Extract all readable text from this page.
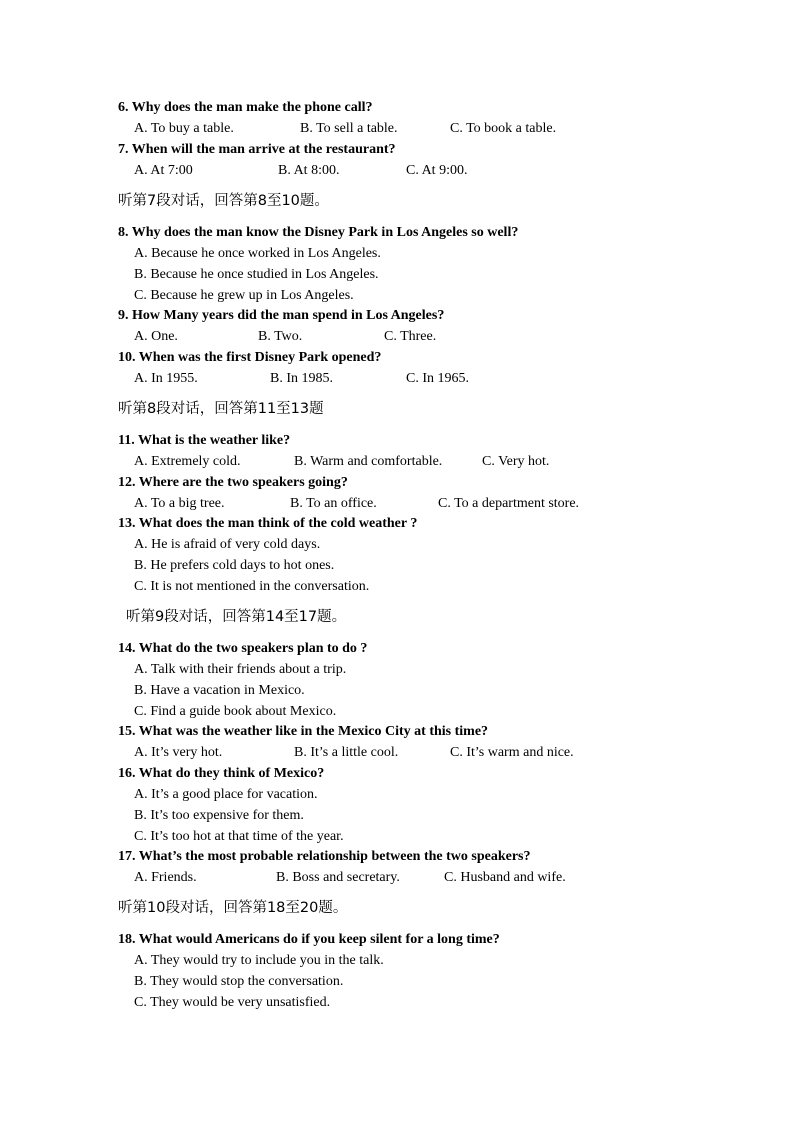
6. Why does the man make the phone call?
A. To buy a table.	B. To sell a table.	C. To book a table.
7. When will the man arrive at the restaurant?
A. At 7:00	B. At 8:00.	C. At 9:00.
听第7段对话，回答第8至10题。
8. Why does the man know the Disney Park in Los Angeles so well?
A. Because he once worked in Los Angeles.
B. Because he once studied in Los Angeles.
C. Because he grew up in Los Angeles.
9. How Many years did the man spend in Los Angeles?
A. One.	B. Two.	C. Three.
10. When was the first Disney Park opened?
A. In 1955.	B. In 1985.	C. In 1965.
听第8段对话，回答第11至13题
11. What is the weather like?
A. Extremely cold.	B. Warm and comfortable.	C. Very hot.
12. Where are the two speakers going?
A. To a big tree.	B. To an office.	C. To a department store.
13. What does the man think of the cold weather ?
A. He is afraid of very cold days.
B. He prefers cold days to hot ones.
C. It is not mentioned in the conversation.
听第9段对话，回答第14至17题。
14. What do the two speakers plan to do ?
A. Talk with their friends about a trip.
B. Have a vacation in Mexico.
C. Find a guide book about Mexico.
15. What was the weather like in the Mexico City at this time?
A. It’s very hot.	B. It’s a little cool.	C. It’s warm and nice.
16. What do they think of Mexico?
A. It’s a good place for vacation.
B. It’s too expensive for them.
C. It’s too hot at that time of the year.
17. What’s the most probable relationship between the two speakers?
A. Friends.	B. Boss and secretary.	C. Husband and wife.
听第10段对话，回答第18至20题。
18. What would Americans do if you keep silent for a long time?
A. They would try to include you in the talk.
B. They would stop the conversation.
C. They would be very unsatisfied.
